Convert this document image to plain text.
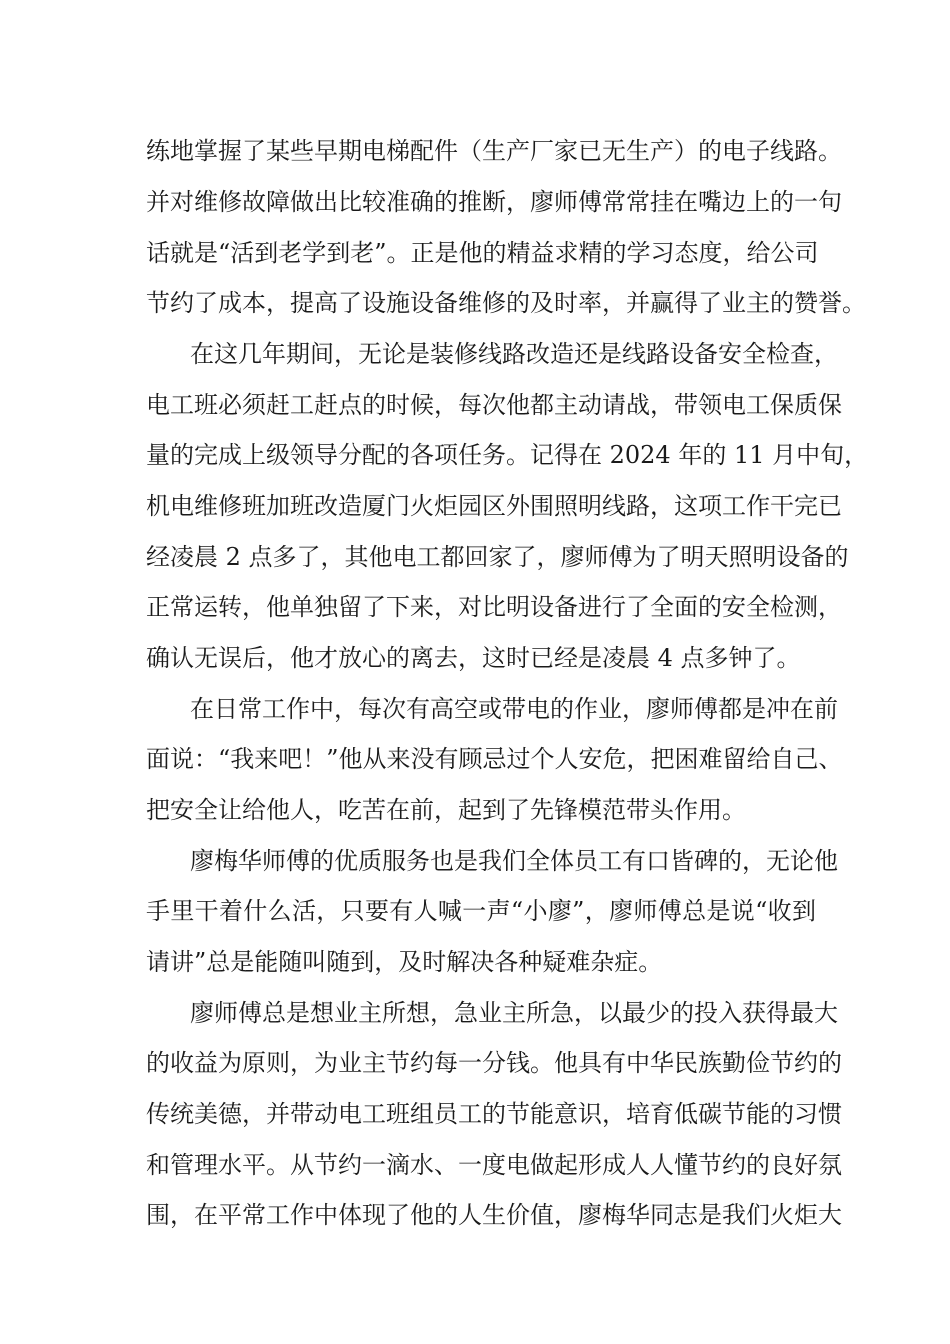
练地掌握了某些早期电梯配件（生产厂家已无生产）的电子线路。
并对维修故障做出比较准确的推断，廖师傅常常挂在嘴边上的一句
话就是“活到老学到老”。正是他的精益求精的学习态度，给公司
节约了成本，提高了设施设备维修的及时率，并赢得了业主的赞誉。
在这几年期间，无论是装修线路改造还是线路设备安全检查，
电工班必须赶工赶点的时候，每次他都主动请战，带领电工保质保
量的完成上级领导分配的各项任务。记得在 2024 年的 11 月中旬，
机电维修班加班改造厦门火炬园区外围照明线路，这项工作干完已
经凌晨 2 点多了，其他电工都回家了，廖师傅为了明天照明设备的
正常运转，他单独留了下来，对比明设备进行了全面的安全检测，
确认无误后，他才放心的离去，这时已经是凌晨 4 点多钟了。
在日常工作中，每次有高空或带电的作业，廖师傅都是冲在前
面说：“我来吧！”他从来没有顾忌过个人安危，把困难留给自己、
把安全让给他人，吃苦在前，起到了先锋模范带头作用。
廖梅华师傅的优质服务也是我们全体员工有口皆碑的，无论他
手里干着什么活，只要有人喊一声“小廖”，廖师傅总是说“收到
请讲”总是能随叫随到，及时解决各种疑难杂症。
廖师傅总是想业主所想，急业主所急，以最少的投入获得最大
的收益为原则，为业主节约每一分钱。他具有中华民族勤俭节约的
传统美德，并带动电工班组员工的节能意识，培育低碳节能的习惯
和管理水平。从节约一滴水、一度电做起形成人人懂节约的良好氛
围，在平常工作中体现了他的人生价值，廖梅华同志是我们火炬大
